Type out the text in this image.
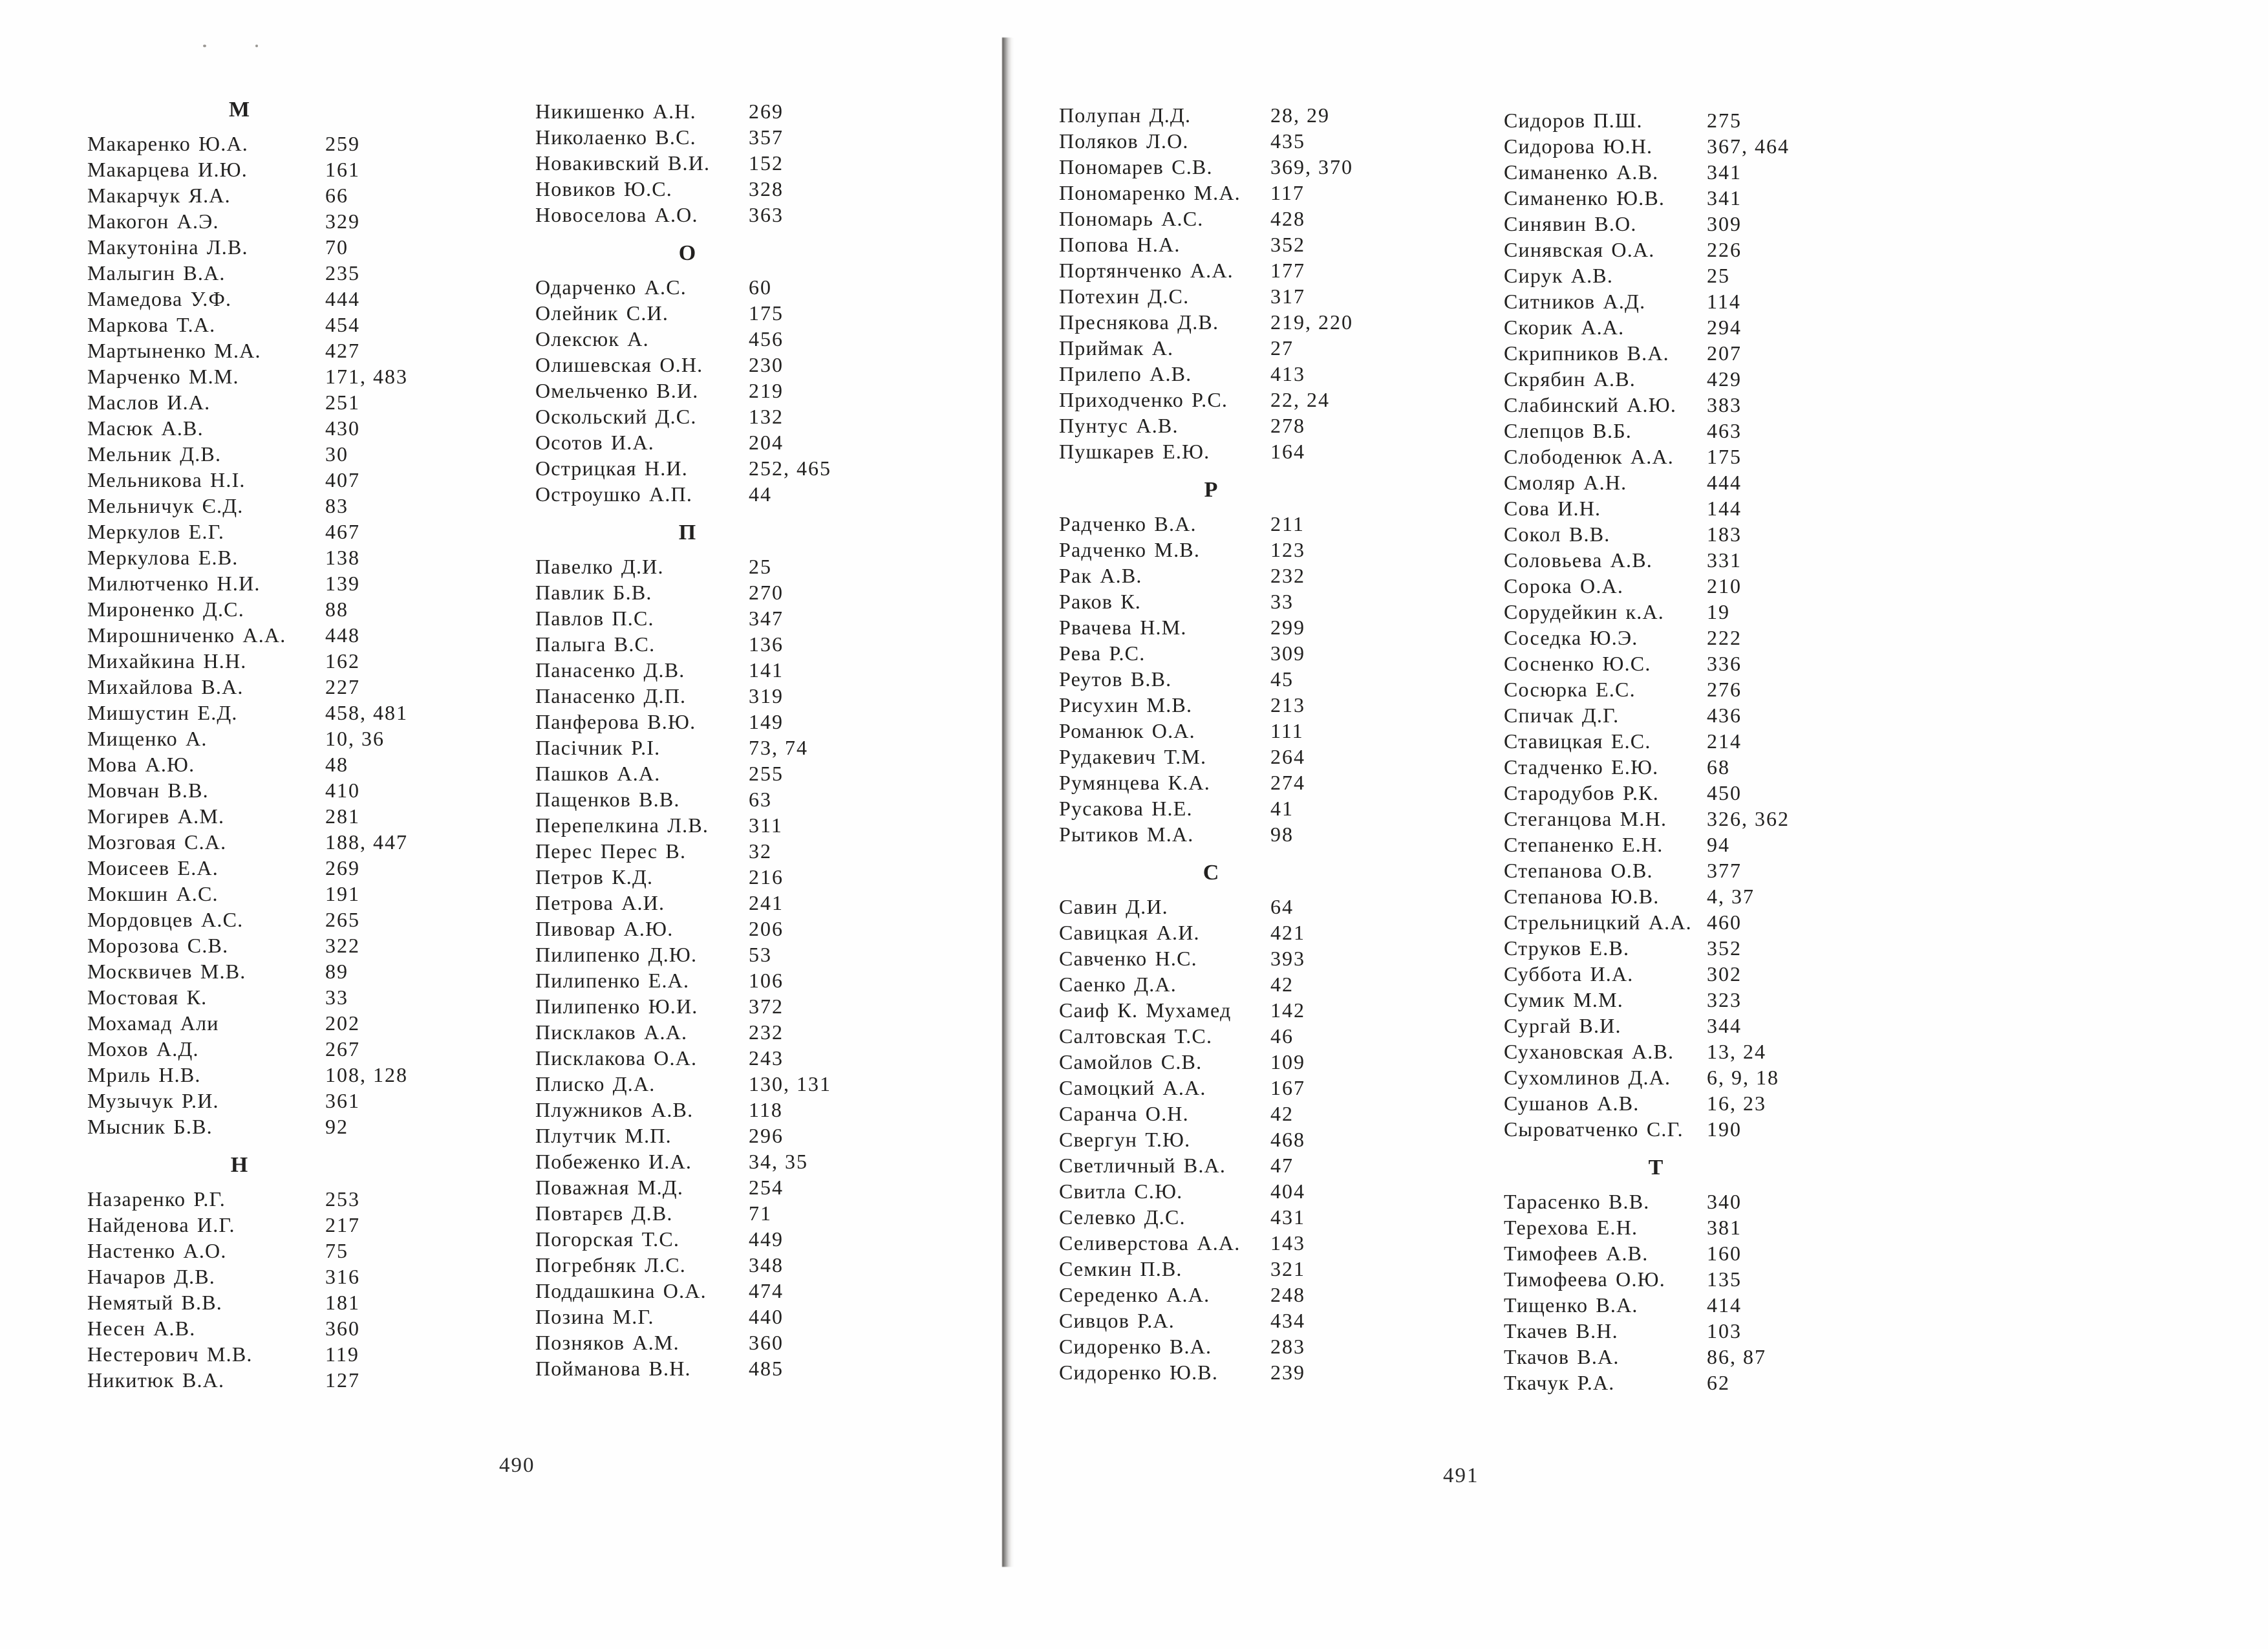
М
Макаренко Ю.А.	259
Макарцева И.Ю.	161
Макарчук Я.А.	66
Макогон А.Э.	329
Макутоніна Л.В.	70
Малыгин В.А.	235
Мамедова У.Ф.	444
Маркова Т.А.	454
Мартыненко М.А.	427
Марченко М.М.	171, 483
Маслов И.А.	251
Масюк А.В.	430
Мельник Д.В.	30
Мельникова Н.І.	407
Мельничук Є.Д.	83
Меркулов Е.Г.	467
Меркулова Е.В.	138
Милютченко Н.И.	139
Мироненко Д.С.	88
Мирошниченко А.А.	448
Михайкина Н.Н.	162
Михайлова В.А.	227
Мишустин Е.Д.	458, 481
Мищенко А.	10, 36
Мова А.Ю.	48
Мовчан В.В.	410
Могирев А.М.	281
Мозговая С.А.	188, 447
Моисеев Е.А.	269
Мокшин А.С.	191
Мордовцев А.С.	265
Морозова С.В.	322
Москвичев М.В.	89
Мостовая К.	33
Мохамад Али	202
Мохов А.Д.	267
Мриль Н.В.	108, 128
Музычук Р.И.	361
Мысник Б.В.	92
Н
Назаренко Р.Г.	253
Найденова И.Г.	217
Настенко А.О.	75
Начаров Д.В.	316
Немятый В.В.	181
Несен А.В.	360
Нестерович М.В.	119
Никитюк В.А.	127
Никишенко А.Н.	269
Николаенко В.С.	357
Новакивский В.И.	152
Новиков Ю.С.	328
Новоселова А.О.	363
О
Одарченко А.С.	60
Олейник С.И.	175
Олексюк А.	456
Олишевская О.Н.	230
Омельченко В.И.	219
Оскольский Д.С.	132
Осотов И.А.	204
Острицкая Н.И.	252, 465
Остроушко А.П.	44
П
Павелко Д.И.	25
Павлик Б.В.	270
Павлов П.С.	347
Палыга В.С.	136
Панасенко Д.В.	141
Панасенко Д.П.	319
Панферова В.Ю.	149
Пасічник Р.І.	73, 74
Пашков А.А.	255
Пащенков В.В.	63
Перепелкина Л.В.	311
Перес Перес В.	32
Петров К.Д.	216
Петрова А.И.	241
Пивовар А.Ю.	206
Пилипенко Д.Ю.	53
Пилипенко Е.А.	106
Пилипенко Ю.И.	372
Писклаков А.А.	232
Писклакова О.А.	243
Плиско Д.А.	130, 131
Плужников А.В.	118
Плутчик М.П.	296
Побеженко И.А.	34, 35
Поважная М.Д.	254
Повтарєв Д.В.	71
Погорская Т.С.	449
Погребняк Л.С.	348
Поддашкина О.А.	474
Позина М.Г.	440
Позняков А.М.	360
Пойманова В.Н.	485
Полупан Д.Д.	28, 29
Поляков Л.О.	435
Пономарев С.В.	369, 370
Пономаренко М.А.	117
Пономарь А.С.	428
Попова Н.А.	352
Портянченко А.А.	177
Потехин Д.С.	317
Преснякова Д.В.	219, 220
Приймак А.	27
Прилепо А.В.	413
Приходченко Р.С.	22, 24
Пунтус А.В.	278
Пушкарев Е.Ю.	164
Р
Радченко В.А.	211
Радченко М.В.	123
Рак А.В.	232
Раков К.	33
Рвачева Н.М.	299
Рева Р.С.	309
Реутов В.В.	45
Рисухин М.В.	213
Романюк О.А.	111
Рудакевич Т.М.	264
Румянцева К.А.	274
Русакова Н.Е.	41
Рытиков М.А.	98
С
Савин Д.И.	64
Савицкая А.И.	421
Савченко Н.С.	393
Саенко Д.А.	42
Саиф К. Мухамед	142
Салтовская Т.С.	46
Самойлов С.В.	109
Самоцкий А.А.	167
Саранча О.Н.	42
Свергун Т.Ю.	468
Светличный В.А.	47
Свитла С.Ю.	404
Селевко Д.С.	431
Селиверстова А.А.	143
Семкин П.В.	321
Середенко А.А.	248
Сивцов Р.А.	434
Сидоренко В.А.	283
Сидоренко Ю.В.	239
Сидоров П.Ш.	275
Сидорова Ю.Н.	367, 464
Симаненко А.В.	341
Симаненко Ю.В.	341
Синявин В.О.	309
Синявская О.А.	226
Сирук А.В.	25
Ситников А.Д.	114
Скорик А.А.	294
Скрипников В.А.	207
Скрябин А.В.	429
Слабинский А.Ю.	383
Слепцов В.Б.	463
Слободенюк А.А.	175
Смоляр А.Н.	444
Сова И.Н.	144
Сокол В.В.	183
Соловьева А.В.	331
Сорока О.А.	210
Сорудейкин к.А.	19
Соседка Ю.Э.	222
Сосненко Ю.С.	336
Сосюрка Е.С.	276
Спичак Д.Г.	436
Ставицкая Е.С.	214
Стадченко Е.Ю.	68
Стародубов Р.К.	450
Стеганцова М.Н.	326, 362
Степаненко Е.Н.	94
Степанова О.В.	377
Степанова Ю.В.	4, 37
Стрельницкий А.А. 460
Струков Е.В.	352
Суббота И.А.	302
Сумик М.М.	323
Сургай В.И.	344
Сухановская А.В.	13, 24
Сухомлинов Д.А.	6, 9, 18
Сушанов А.В.	16, 23
Сыроватченко С.Г.	190
Т
Тарасенко В.В.	340
Терехова Е.Н.	381
Тимофеев А.В.	160
Тимофеева О.Ю.	135
Тищенко В.А.	414
Ткачев В.Н.	103
Ткачов В.А.	86, 87
Ткачук Р.А.	62
490	491
